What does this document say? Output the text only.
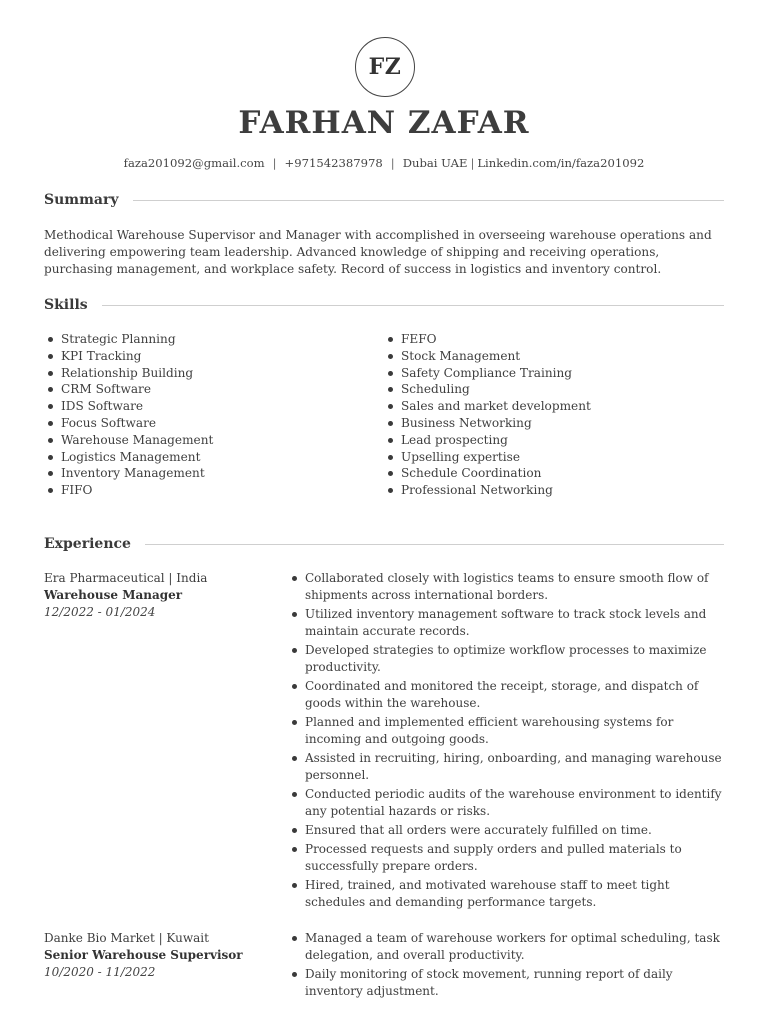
FZ
FARHAN ZAFAR
faza201092@gmail.com | +971542387978 | Dubai UAE | Linkedin.com/in/faza201092
Summary

Methodical Warehouse Supervisor and Manager with accomplished in overseeing warehouse operations and delivering empowering team leadership. Advanced knowledge of shipping and receiving operations, purchasing management, and workplace safety. Record of success in logistics and inventory control.

Skills
Strategic Planning
KPI Tracking
Relationship Building
CRM Software
IDS Software
Focus Software
Warehouse Management
Logistics Management
Inventory Management
FIFO
FEFO
Stock Management
Safety Compliance Training
Scheduling
Sales and market development
Business Networking
Lead prospecting
Upselling expertise
Schedule Coordination
Professional Networking
Experience
Era Pharmaceutical | India
Warehouse Manager
12/2022 - 01/2024
Collaborated closely with logistics teams to ensure smooth flow of shipments across international borders.
Utilized inventory management software to track stock levels and maintain accurate records.
Developed strategies to optimize workflow processes to maximize productivity.
Coordinated and monitored the receipt, storage, and dispatch of goods within the warehouse.
Planned and implemented efficient warehousing systems for incoming and outgoing goods.
Assisted in recruiting, hiring, onboarding, and managing warehouse personnel.
Conducted periodic audits of the warehouse environment to identify any potential hazards or risks.
Ensured that all orders were accurately fulfilled on time.
Processed requests and supply orders and pulled materials to successfully prepare orders.
Hired, trained, and motivated warehouse staff to meet tight schedules and demanding performance targets.
Danke Bio Market | Kuwait
Senior Warehouse Supervisor
10/2020 - 11/2022
Managed a team of warehouse workers for optimal scheduling, task delegation, and overall productivity.
Daily monitoring of stock movement, running report of daily inventory adjustment.
